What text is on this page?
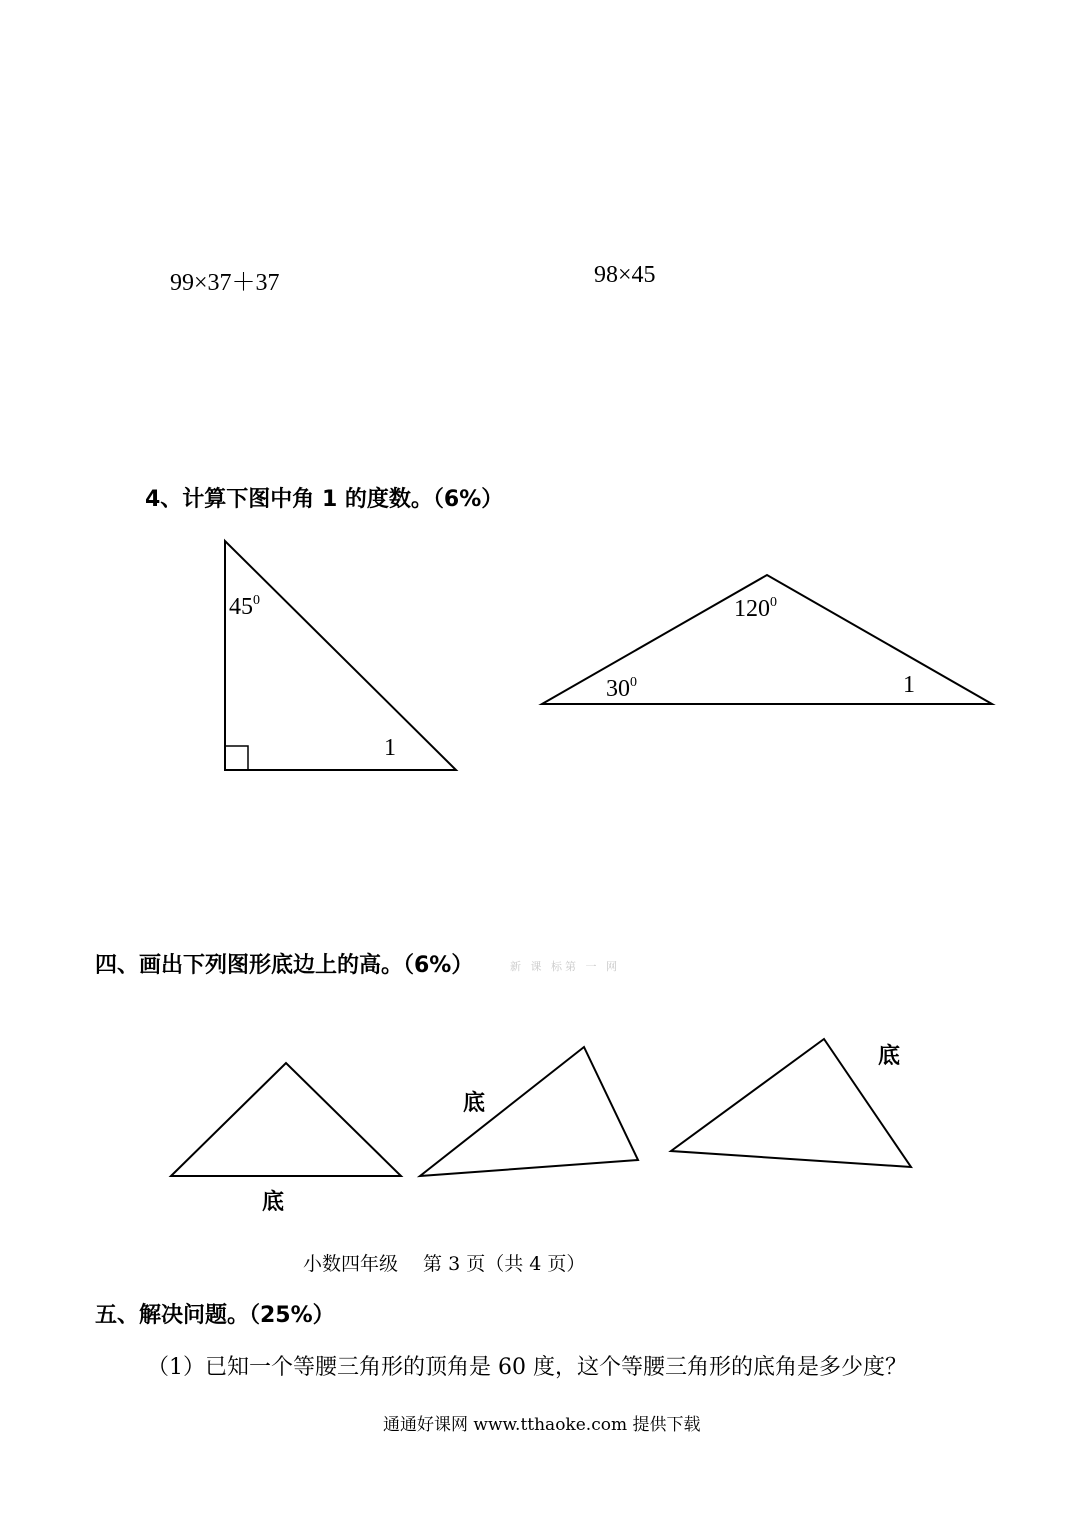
99×37＋37	98×45
4、计算下图中角 1 的度数。（6%）
$45^0$
1
$120^0$
$30^0$	1
四、画出下列图形底边上的高。（6%）	新 课 标第 一 网
底
底
底
小数四年级　 第 3 页（共 4 页）
五、解决问题。（25%）
（1）已知一个等腰三角形的顶角是 60 度，这个等腰三角形的底角是多少度？
通通好课网 www.tthaoke.com 提供下载
